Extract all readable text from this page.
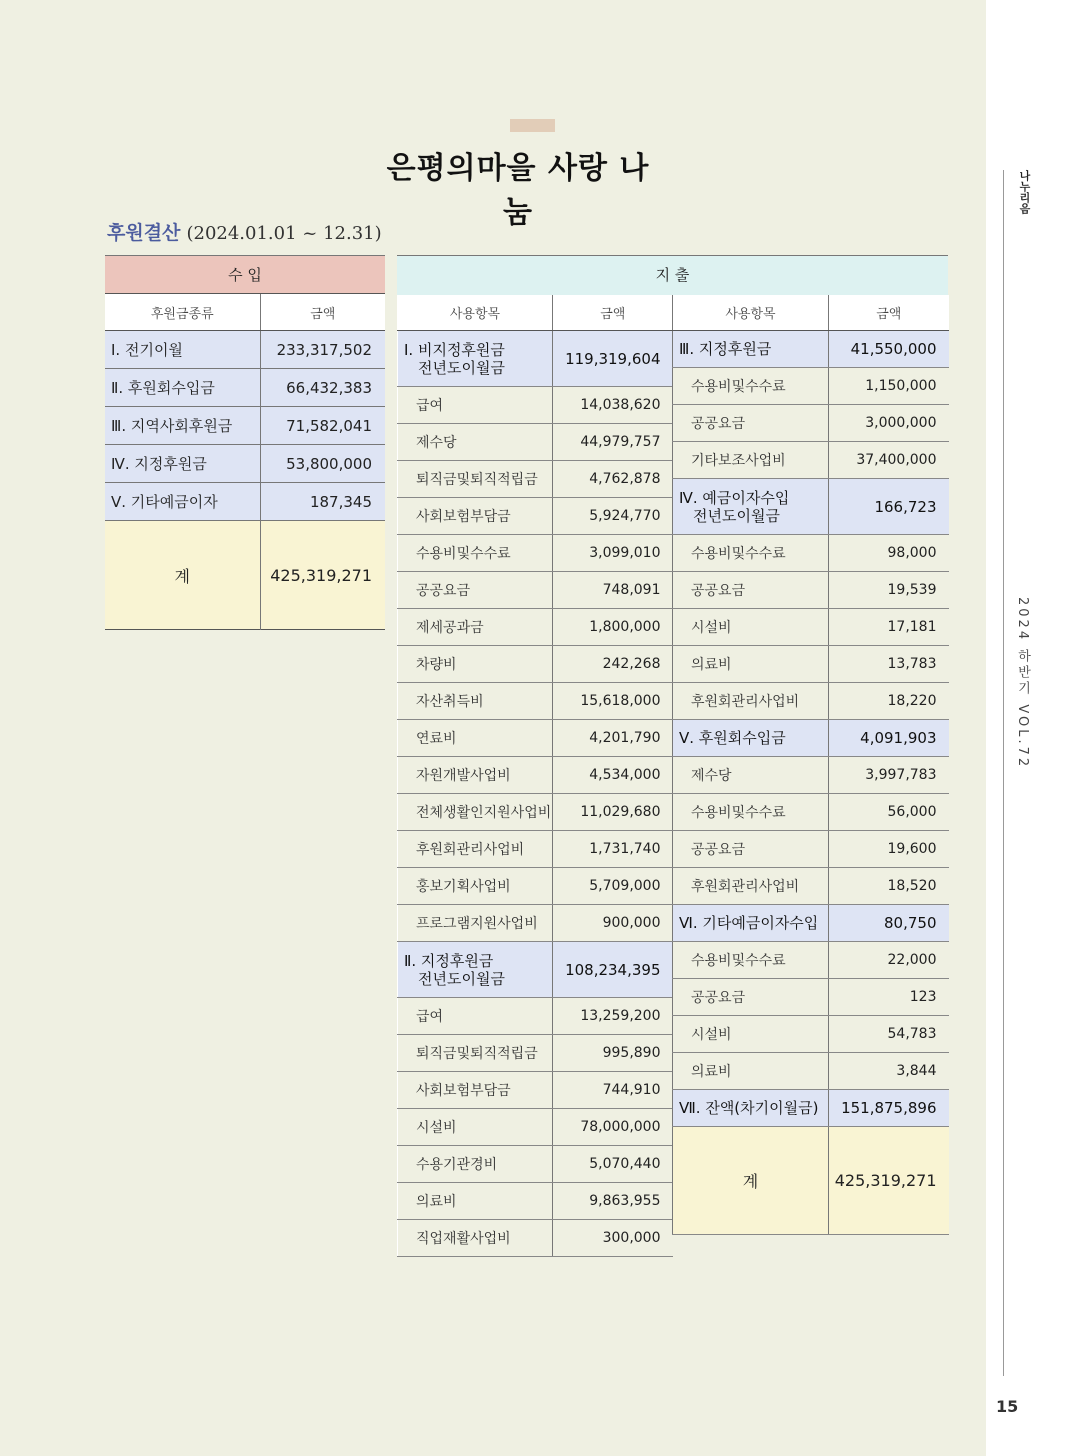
나누리음
2024 하반기 VOL.72
15
은평의마을 사랑 나눔
후원결산 (2024.01.01 ~ 12.31)
수 입	
후원금종류	금액
Ⅰ. 전기이월	233,317,502
Ⅱ. 후원회수입금	66,432,383
Ⅲ. 지역사회후원금	71,582,041
Ⅳ. 지정후원금	53,800,000
Ⅴ. 기타예금이자	187,345
계	425,319,271
지 출
사용항목	금액
Ⅰ. 비지정후원금
전년도이월금	119,319,604
급여	14,038,620
제수당	44,979,757
퇴직금및퇴직적립금	4,762,878
사회보험부담금	5,924,770
수용비및수수료	3,099,010
공공요금	748,091
제세공과금	1,800,000
차량비	242,268
자산취득비	15,618,000
연료비	4,201,790
자원개발사업비	4,534,000
전체생활인지원사업비	11,029,680
후원회관리사업비	1,731,740
홍보기획사업비	5,709,000
프로그램지원사업비	900,000
Ⅱ. 지정후원금
전년도이월금	108,234,395
급여	13,259,200
퇴직금및퇴직적립금	995,890
사회보험부담금	744,910
시설비	78,000,000
수용기관경비	5,070,440
의료비	9,863,955
직업재활사업비	300,000
사용항목	금액
Ⅲ. 지정후원금	41,550,000
수용비및수수료	1,150,000
공공요금	3,000,000
기타보조사업비	37,400,000
Ⅳ. 예금이자수입
전년도이월금	166,723
수용비및수수료	98,000
공공요금	19,539
시설비	17,181
의료비	13,783
후원회관리사업비	18,220
Ⅴ. 후원회수입금	4,091,903
제수당	3,997,783
수용비및수수료	56,000
공공요금	19,600
후원회관리사업비	18,520
Ⅵ. 기타예금이자수입	80,750
수용비및수수료	22,000
공공요금	123
시설비	54,783
의료비	3,844
Ⅶ. 잔액(차기이월금)	151,875,896
계	425,319,271
